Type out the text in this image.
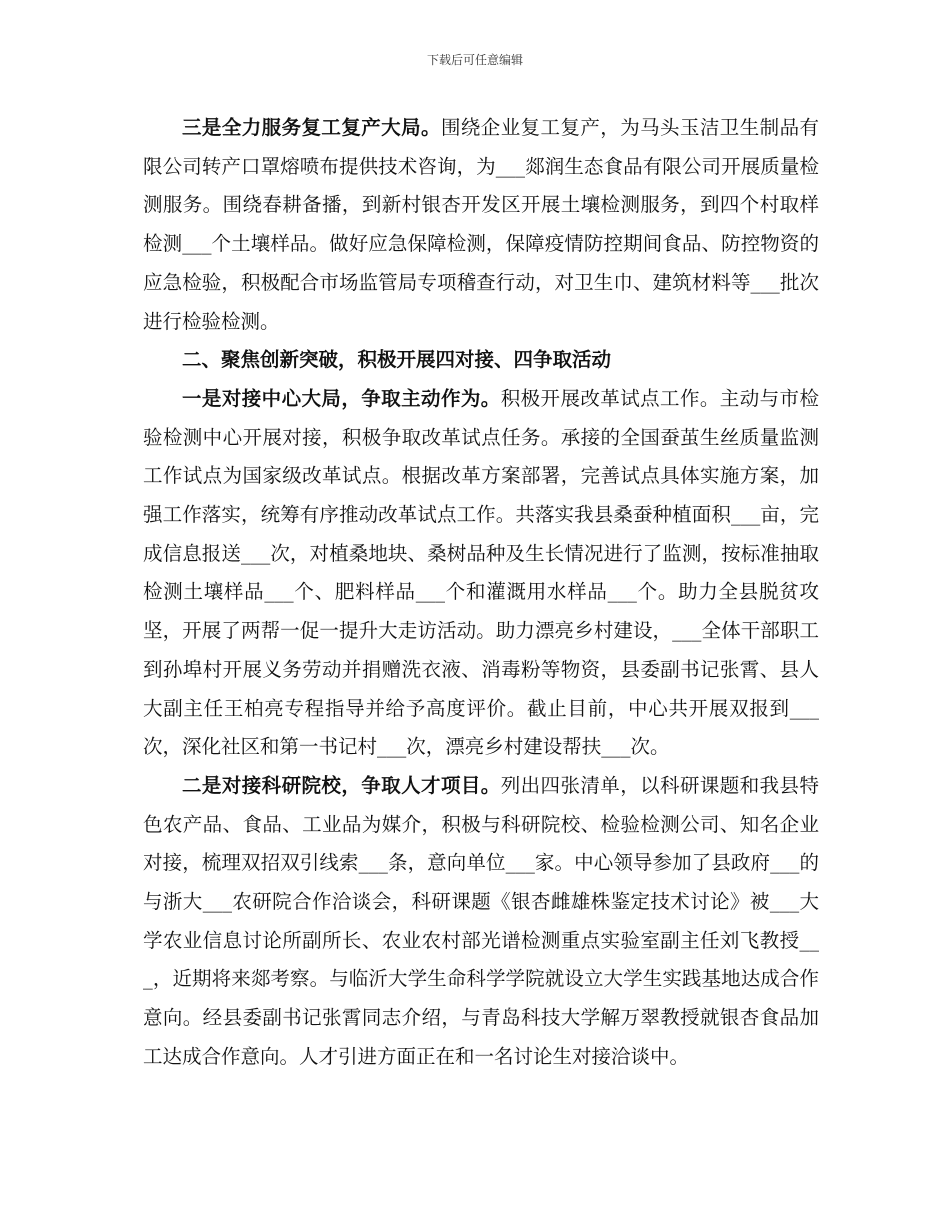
下载后可任意编辑

三是全力服务复工复产大局。围绕企业复工复产，为马头玉洁卫生制品有限公司转产口罩熔喷布提供技术咨询，为___郯润生态食品有限公司开展质量检测服务。围绕春耕备播，到新村银杏开发区开展土壤检测服务，到四个村取样检测___个土壤样品。做好应急保障检测，保障疫情防控期间食品、防控物资的应急检验，积极配合市场监管局专项稽查行动，对卫生巾、建筑材料等___批次进行检验检测。

二、聚焦创新突破，积极开展四对接、四争取活动

一是对接中心大局，争取主动作为。积极开展改革试点工作。主动与市检验检测中心开展对接，积极争取改革试点任务。承接的全国蚕茧生丝质量监测工作试点为国家级改革试点。根据改革方案部署，完善试点具体实施方案，加强工作落实，统筹有序推动改革试点工作。共落实我县桑蚕种植面积___亩，完成信息报送___次，对植桑地块、桑树品种及生长情况进行了监测，按标准抽取检测土壤样品___个、肥料样品___个和灌溉用水样品___个。助力全县脱贫攻坚，开展了两帮一促一提升大走访活动。助力漂亮乡村建设，___全体干部职工到孙埠村开展义务劳动并捐赠洗衣液、消毒粉等物资，县委副书记张霄、县人大副主任王柏亮专程指导并给予高度评价。截止目前，中心共开展双报到___次，深化社区和第一书记村___次，漂亮乡村建设帮扶___次。

二是对接科研院校，争取人才项目。列出四张清单，以科研课题和我县特色农产品、食品、工业品为媒介，积极与科研院校、检验检测公司、知名企业对接，梳理双招双引线索___条，意向单位___家。中心领导参加了县政府___的与浙大___农研院合作洽谈会，科研课题《银杏雌雄株鉴定技术讨论》被___大学农业信息讨论所副所长、农业农村部光谱检测重点实验室副主任刘飞教授___，近期将来郯考察。与临沂大学生命科学学院就设立大学生实践基地达成合作意向。经县委副书记张霄同志介绍，与青岛科技大学解万翠教授就银杏食品加工达成合作意向。人才引进方面正在和一名讨论生对接洽谈中。
